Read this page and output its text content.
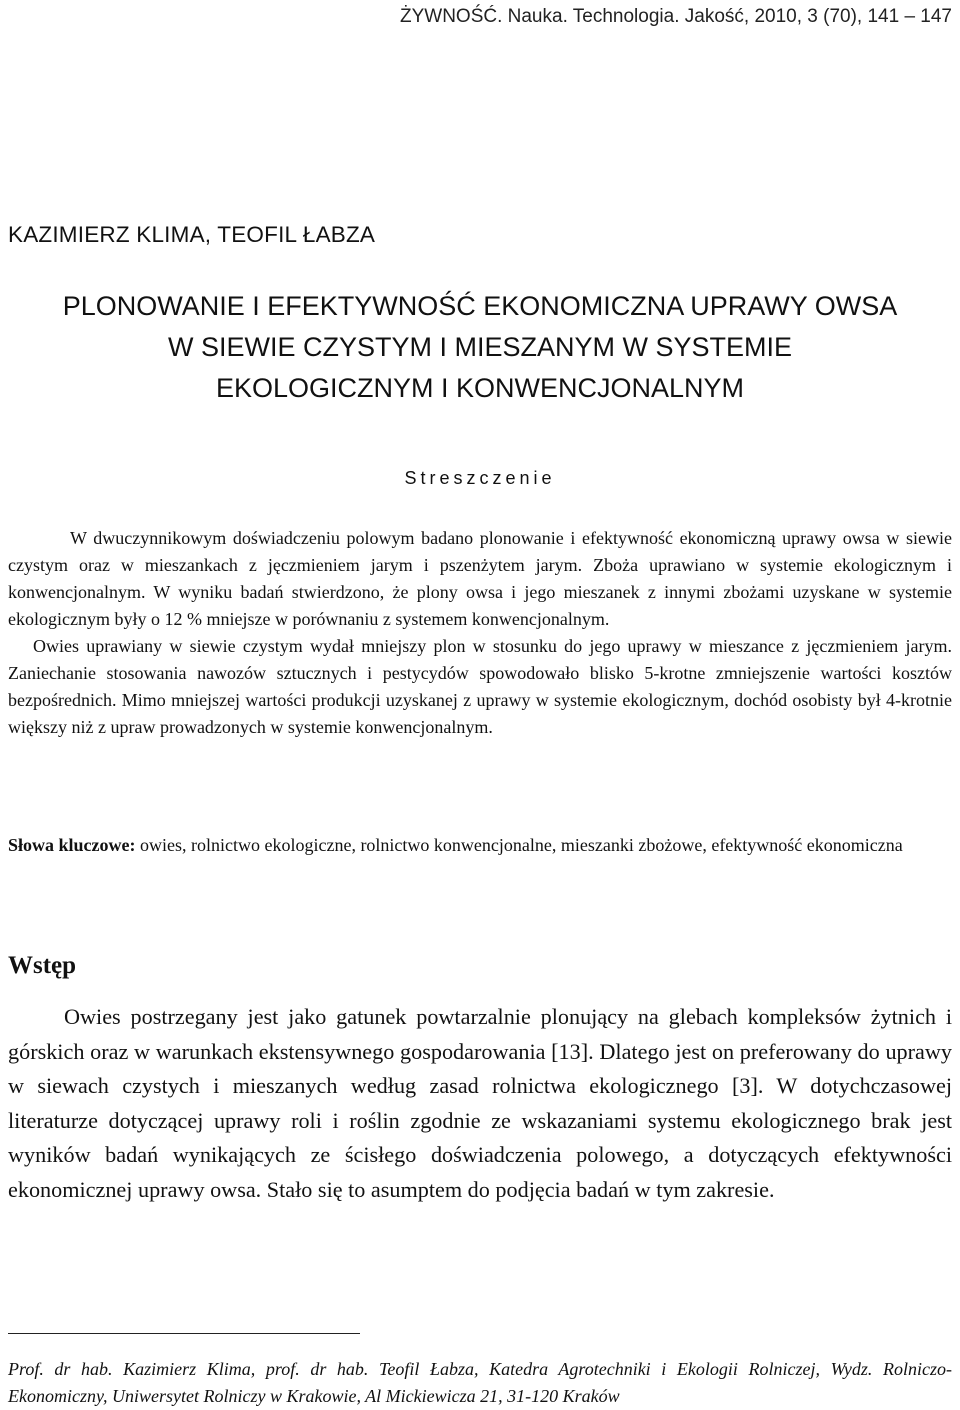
ŻYWNOŚĆ. Nauka. Technologia. Jakość, 2010, 3 (70), 141 – 147
KAZIMIERZ KLIMA, TEOFIL ŁABZA
PLONOWANIE I EFEKTYWNOŚĆ EKONOMICZNA UPRAWY OWSA
W SIEWIE CZYSTYM I MIESZANYM W SYSTEMIE
EKOLOGICZNYM I KONWENCJONALNYM
Streszczenie

W dwuczynnikowym doświadczeniu polowym badano plonowanie i efektywność ekonomiczną uprawy owsa w siewie czystym oraz w mieszankach z jęczmieniem jarym i pszenżytem jarym. Zboża uprawiano w systemie ekologicznym i konwencjonalnym. W wyniku badań stwierdzono, że plony owsa i jego mieszanek z innymi zbożami uzyskane w systemie ekologicznym były o 12 % mniejsze w porównaniu z systemem konwencjonalnym.

Owies uprawiany w siewie czystym wydał mniejszy plon w stosunku do jego uprawy w mieszance z jęczmieniem jarym. Zaniechanie stosowania nawozów sztucznych i pestycydów spowodowało blisko 5-krotne zmniejszenie wartości kosztów bezpośrednich. Mimo mniejszej wartości produkcji uzyskanej z uprawy w systemie ekologicznym, dochód osobisty był 4-krotnie większy niż z upraw prowadzonych w systemie konwencjonalnym.

Słowa kluczowe: owies, rolnictwo ekologiczne, rolnictwo konwencjonalne, mieszanki zbożowe, efektywność ekonomiczna
Wstęp

Owies postrzegany jest jako gatunek powtarzalnie plonujący na glebach kompleksów żytnich i górskich oraz w warunkach ekstensywnego gospodarowania [13]. Dlatego jest on preferowany do uprawy w siewach czystych i mieszanych według zasad rolnictwa ekologicznego [3]. W dotychczasowej literaturze dotyczącej uprawy roli i roślin zgodnie ze wskazaniami systemu ekologicznego brak jest wyników badań wynikających ze ścisłego doświadczenia polowego, a dotyczących efektywności ekonomicznej uprawy owsa. Stało się to asumptem do podjęcia badań w tym zakresie.

Prof. dr hab. Kazimierz Klima, prof. dr hab. Teofil Łabza, Katedra Agrotechniki i Ekologii Rolniczej, Wydz. Rolniczo-Ekonomiczny, Uniwersytet Rolniczy w Krakowie, Al Mickiewicza 21, 31-120 Kraków
